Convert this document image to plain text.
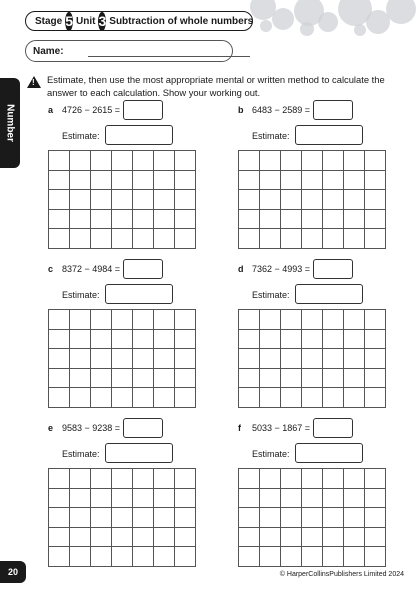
Stage 5 Unit 3 Subtraction of whole numbers
Name:
Number
! Estimate, then use the most appropriate mental or written method to calculate the answer to each calculation. Show your working out.
a 4726 − 2615 =
Estimate:
b 6483 − 2589 =
Estimate:
c 8372 − 4984 =
Estimate:
d 7362 − 4993 =
Estimate:
e 9583 − 9238 =
Estimate:
f 5033 − 1867 =
Estimate:
20	© HarperCollinsPublishers Limited 2024
